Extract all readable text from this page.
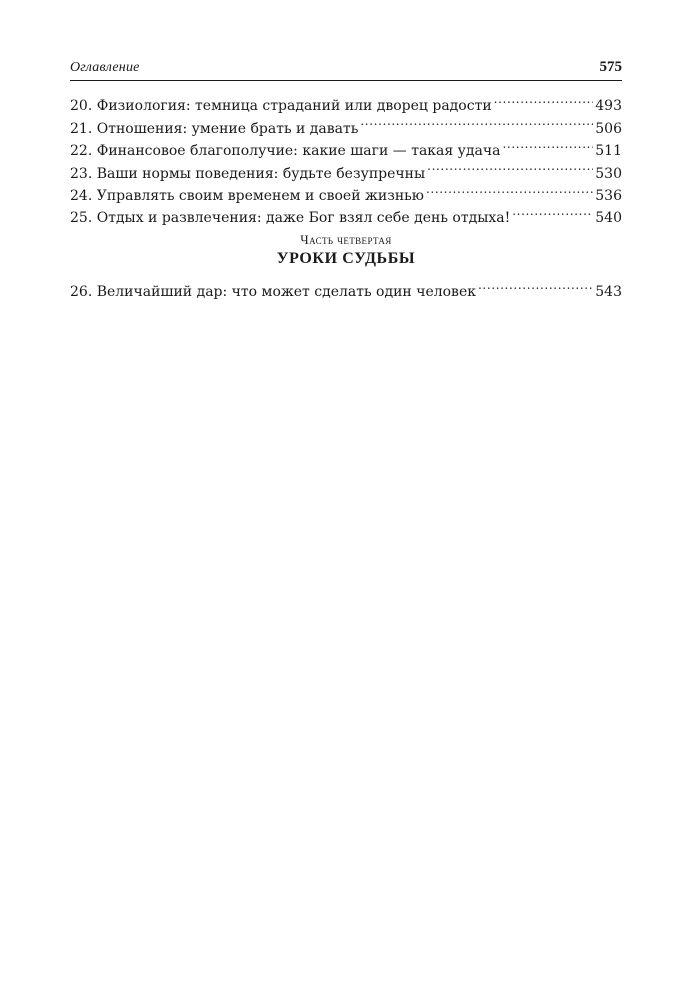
Оглавление	575
20. Физиология: темница страданий или дворец радости . . .	493
21. Отношения: умение брать и давать . . .	506
22. Финансовое благополучие: какие шаги — такая удача . . .	511
23. Ваши нормы поведения: будьте безупречны . . .	530
24. Управлять своим временем и своей жизнью . . .	536
25. Отдых и развлечения: даже Бог взял себе день отдыха! . . .	540
Часть четвертая
УРОКИ СУДЬБЫ
26. Величайший дар: что может сделать один человек . . .	543
